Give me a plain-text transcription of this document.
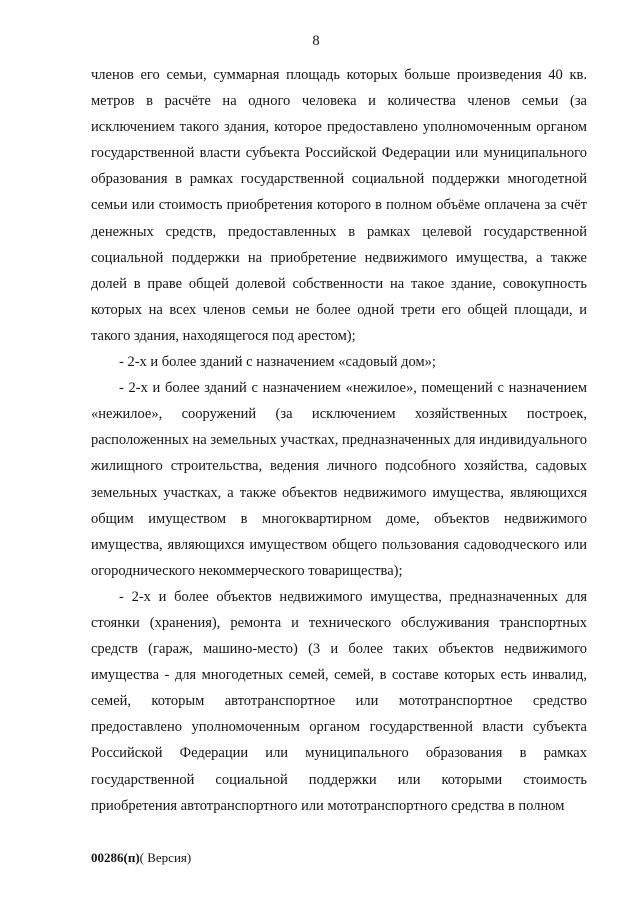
8

членов его семьи, суммарная площадь которых больше произведения 40 кв. метров в расчёте на одного человека и количества членов семьи (за исключением такого здания, которое предоставлено уполномоченным органом государственной власти субъекта Российской Федерации или муниципального образования в рамках государственной социальной поддержки многодетной семьи или стоимость приобретения которого в полном объёме оплачена за счёт денежных средств, предоставленных в рамках целевой государственной социальной поддержки на приобретение недвижимого имущества, а также долей в праве общей долевой собственности на такое здание, совокупность которых на всех членов семьи не более одной трети его общей площади, и такого здания, находящегося под арестом);

- 2-х и более зданий с назначением «садовый дом»;

- 2-х и более зданий с назначением «нежилое», помещений с назначением «нежилое», сооружений (за исключением хозяйственных построек, расположенных на земельных участках, предназначенных для индивидуального жилищного строительства, ведения личного подсобного хозяйства, садовых земельных участках, а также объектов недвижимого имущества, являющихся общим имуществом в многоквартирном доме, объектов недвижимого имущества, являющихся имуществом общего пользования садоводческого или огороднического некоммерческого товарищества);

- 2-х и более объектов недвижимого имущества, предназначенных для стоянки (хранения), ремонта и технического обслуживания транспортных средств (гараж, машино-место) (3 и более таких объектов недвижимого имущества - для многодетных семей, семей, в составе которых есть инвалид, семей, которым автотранспортное или мототранспортное средство предоставлено уполномоченным органом государственной власти субъекта Российской Федерации или муниципального образования в рамках государственной социальной поддержки или которыми стоимость приобретения автотранспортного или мототранспортного средства в полном

00286(п)( Версия)
